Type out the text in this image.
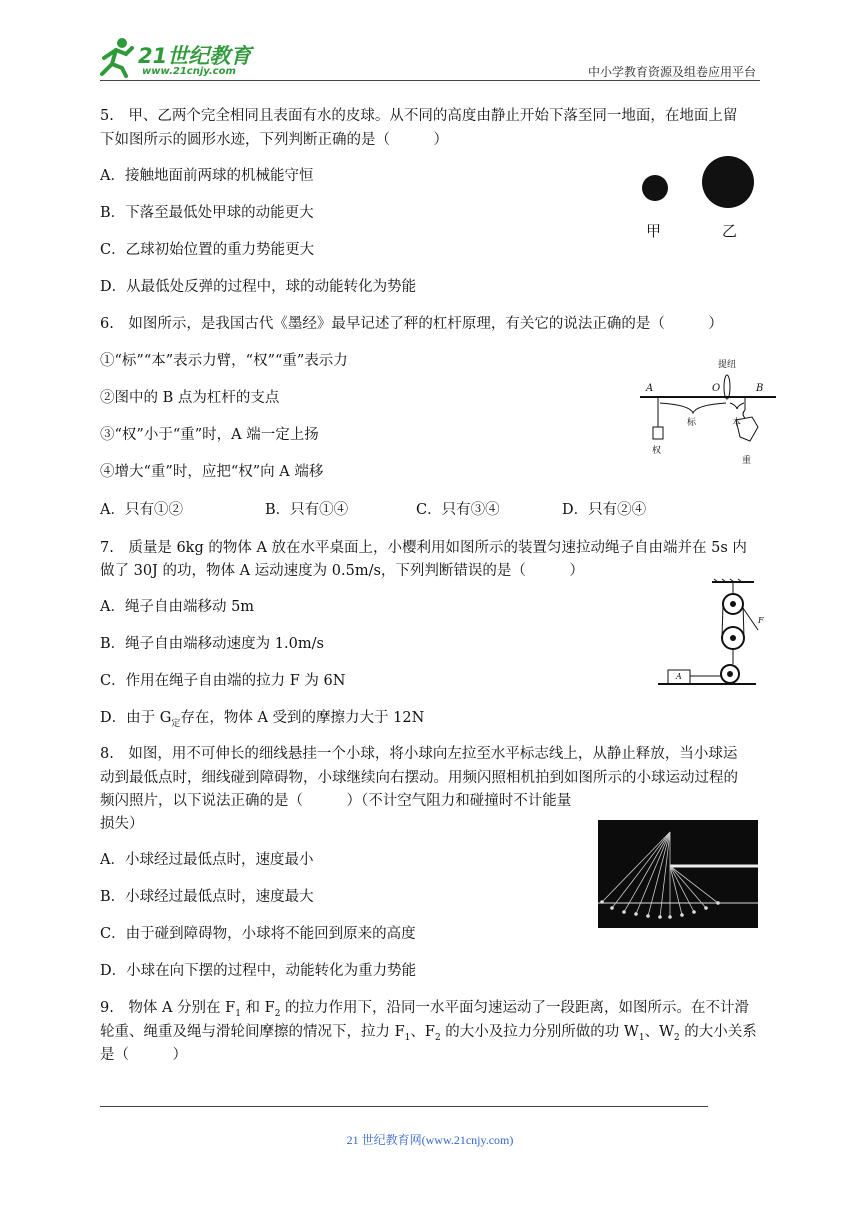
21世纪教育
www.21cnjy.com	中小学教育资源及组卷应用平台
5.　甲、乙两个完全相同且表面有水的皮球。从不同的高度由静止开始下落至同一地面，在地面上留
下如图所示的圆形水迹，下列判断正确的是（　　　）
A．接触地面前两球的机械能守恒
B．下落至最低处甲球的动能更大
C．乙球初始位置的重力势能更大
D．从最低处反弹的过程中，球的动能转化为势能
甲	乙
6.　如图所示，是我国古代《墨经》最早记述了秤的杠杆原理，有关它的说法正确的是（　　　）
①“标”“本”表示力臂，“权”“重”表示力
②图中的 B 点为杠杆的支点
③“权”小于“重”时，A 端一定上扬
④增大“重”时，应把“权”向 A 端移
A．只有①②	B．只有①④	C．只有③④	D．只有②④
A	O	B
提纽
标	本
权
重
7.　质量是 6kg 的物体 A 放在水平桌面上，小樱利用如图所示的装置匀速拉动绳子自由端并在 5s 内
做了 30J 的功，物体 A 运动速度为 0.5m/s，下列判断错误的是（　　　）
A．绳子自由端移动 5m
B．绳子自由端移动速度为 1.0m/s
C．作用在绳子自由端的拉力 F 为 6N
D．由于 $G_定$存在，物体 A 受到的摩擦力大于 12N
F
A
8.　如图，用不可伸长的细线悬挂一个小球，将小球向左拉至水平标志线上，从静止释放，当小球运
动到最低点时，细线碰到障碍物，小球继续向右摆动。用频闪照相机拍到如图所示的小球运动过程的
频闪照片，以下说法正确的是（　　　）（不计空气阻力和碰撞时不计能量
损失）
A．小球经过最低点时，速度最小
B．小球经过最低点时，速度最大
C．由于碰到障碍物，小球将不能回到原来的高度
D．小球在向下摆的过程中，动能转化为重力势能
9.　物体 A 分别在 $F_1$ 和 $F_2$ 的拉力作用下，沿同一水平面匀速运动了一段距离，如图所示。在不计滑
轮重、绳重及绳与滑轮间摩擦的情况下，拉力 $F_1$、$F_2$ 的大小及拉力分别所做的功 $W_1$、$W_2$ 的大小关系
是（　　　）
21 世纪教育网(www.21cnjy.com)
